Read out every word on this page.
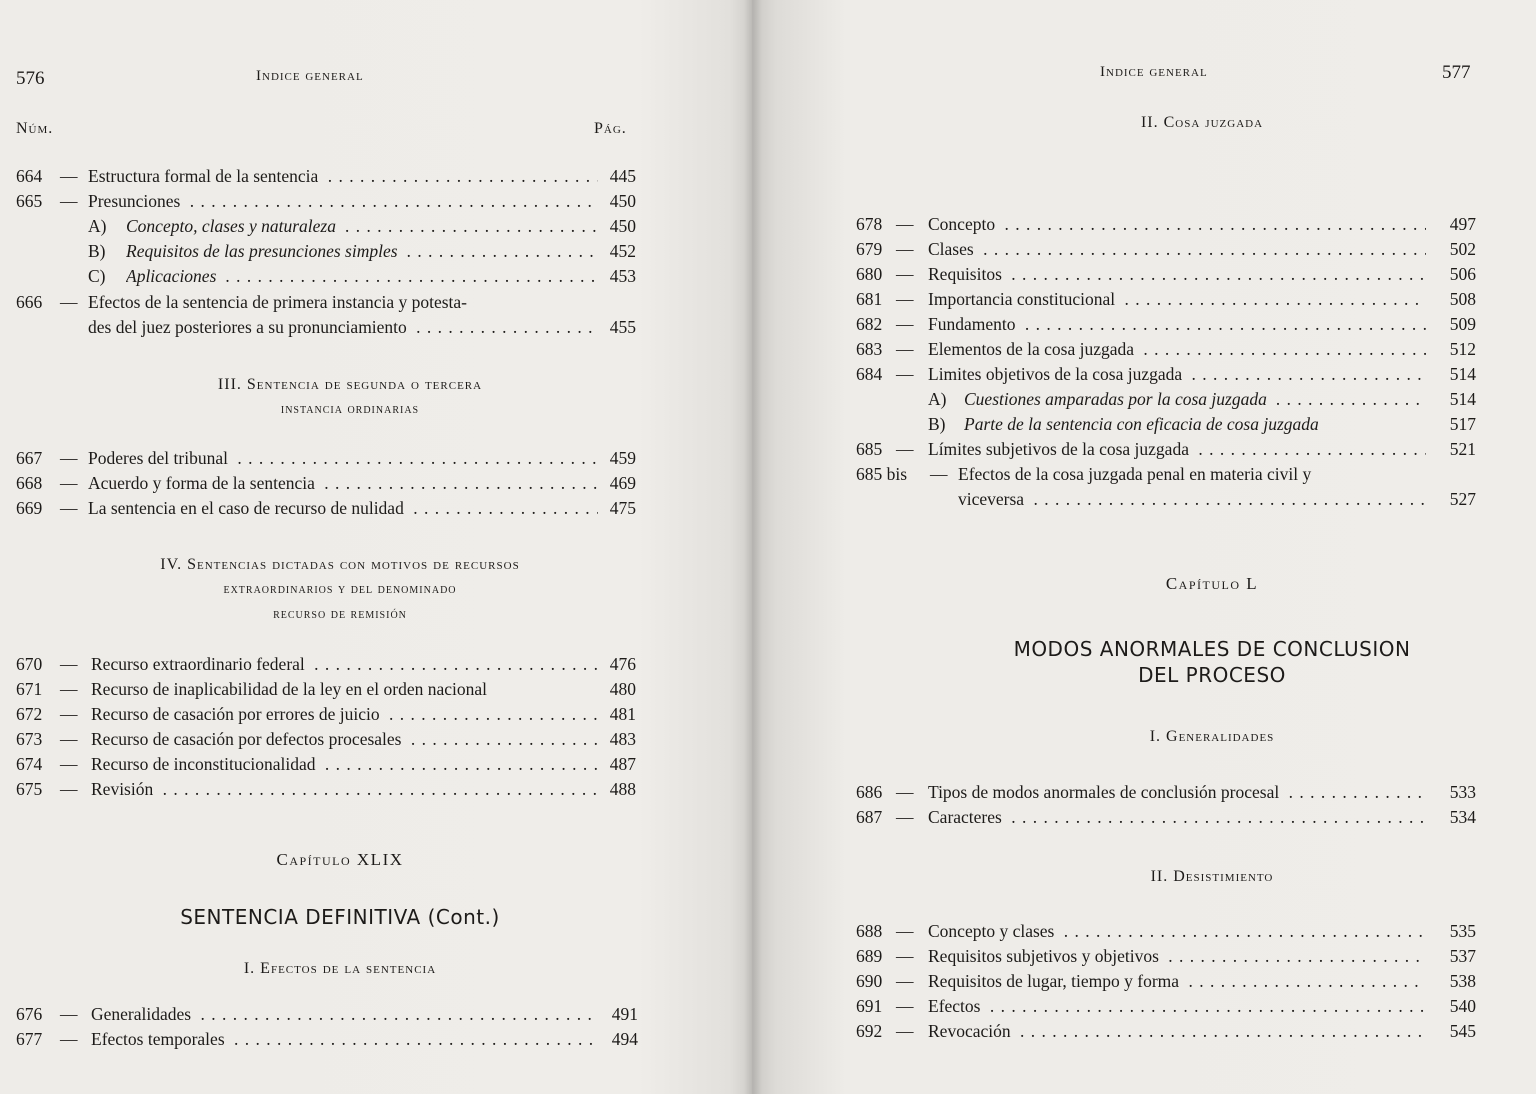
576	Indice general
Núm.	Pág.
664 — Estructura formal de la sentencia . . .	445
665 — Presunciones . . .	450
A) Concepto, clases y naturaleza . . .	450
B) Requisitos de las presunciones simples . . .	452
C) Aplicaciones . . .	453
666 — Efectos de la sentencia de primera instancia y potesta-
des del juez posteriores a su pronunciamiento . . .	455
III. Sentencia de segunda o tercera
instancia ordinarias
667 — Poderes del tribunal . . .	459
668 — Acuerdo y forma de la sentencia . . .	469
669 — La sentencia en el caso de recurso de nulidad . . .	475
IV. Sentencias dictadas con motivos de recursos
extraordinarios y del denominado
recurso de remisión
670 — Recurso extraordinario federal . . .	476
671 — Recurso de inaplicabilidad de la ley en el orden nacional	480
672 — Recurso de casación por errores de juicio . . .	481
673 — Recurso de casación por defectos procesales . . .	483
674 — Recurso de inconstitucionalidad . . .	487
675 — Revisión . . .	488
Capítulo XLIX
SENTENCIA DEFINITIVA (Cont.)
I. Efectos de la sentencia
676 — Generalidades . . .	491
677 — Efectos temporales . . .	494
Indice general	577
II. Cosa juzgada
678 — Concepto . . .	497
679 — Clases . . .	502
680 — Requisitos . . .	506
681 — Importancia constitucional . . .	508
682 — Fundamento . . .	509
683 — Elementos de la cosa juzgada . . .	512
684 — Limites objetivos de la cosa juzgada . . .	514
A) Cuestiones amparadas por la cosa juzgada . . .	514
B) Parte de la sentencia con eficacia de cosa juzgada	517
685 — Límites subjetivos de la cosa juzgada . . .	521
685 bis — Efectos de la cosa juzgada penal en materia civil y
viceversa . . .	527
Capítulo L
MODOS ANORMALES DE CONCLUSION
DEL PROCESO
I. Generalidades
686 — Tipos de modos anormales de conclusión procesal . . .	533
687 — Caracteres . . .	534
II. Desistimiento
688 — Concepto y clases . . .	535
689 — Requisitos subjetivos y objetivos . . .	537
690 — Requisitos de lugar, tiempo y forma . . .	538
691 — Efectos . . .	540
692 — Revocación . . .	545
